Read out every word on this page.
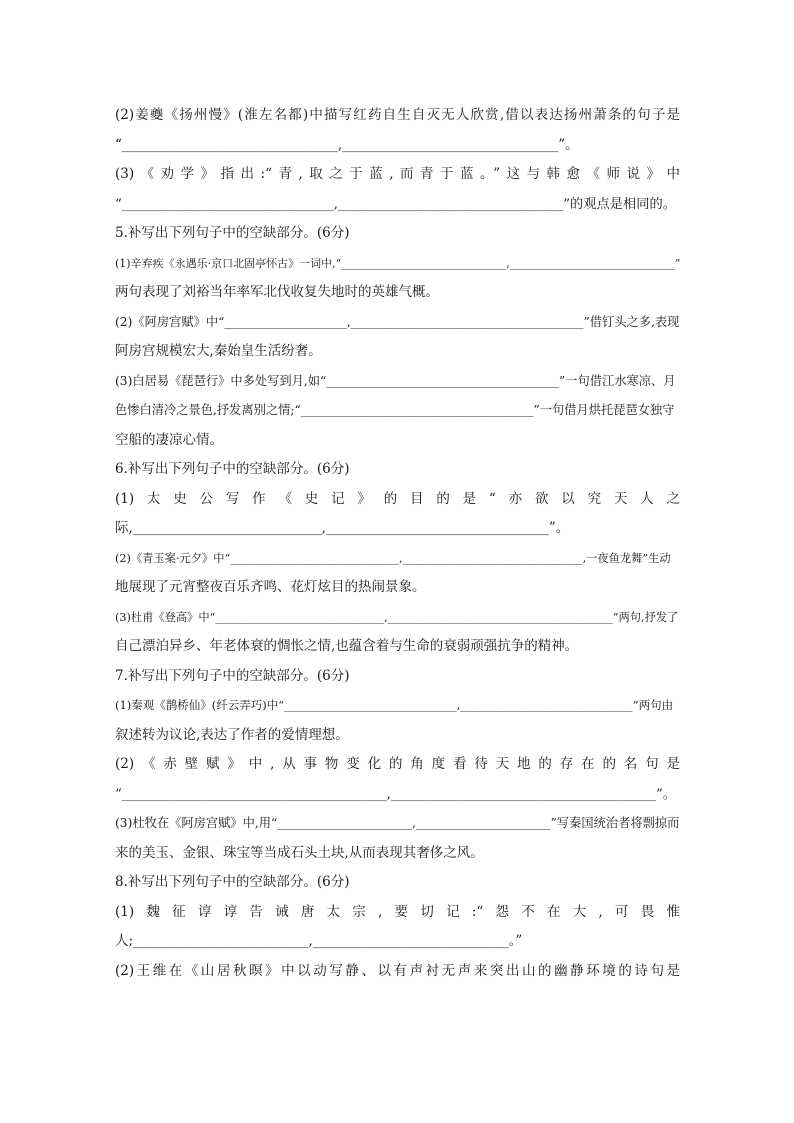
(2)姜夔《扬州慢》(淮左名都)中描写红药自生自灭无人欣赏,借以表达扬州萧条的句子是

“________________________________,________________________________”。

(3)《劝学》指出:“青,取之于蓝,而青于蓝。”这与韩愈《师说》中

“________________________________,__________________________________”的观点是相同的。

5.补写出下列句子中的空缺部分。(6分)

(1)辛弃疾《永遇乐·京口北固亭怀古》一词中,“______________________________,______________________________”

两句表现了刘裕当年率军北伐收复失地时的英雄气概。

(2)《阿房宫赋》中“____________________,______________________________________”借钉头之多,表现

阿房宫规模宏大,秦始皇生活纷奢。

(3)白居易《琵琶行》中多处写到月,如“______________________________________”一句借江水寒凉、月

色惨白清冷之景色,抒发离别之情;“______________________________________”一句借月烘托琵琶女独守

空船的凄凉心情。

6.补写出下列句子中的空缺部分。(6分)

(1)太史公写作《史记》的目的是“亦欲以究天人之

际,____________________________,_________________________________”。

(2)《青玉案·元夕》中“______________________________,________________________________,一夜鱼龙舞”生动

地展现了元宵整夜百乐齐鸣、花灯炫目的热闹景象。

(3)杜甫《登高》中“______________________________,________________________________________”两句,抒发了

自己漂泊异乡、年老体衰的惆怅之情,也蕴含着与生命的衰弱顽强抗争的精神。

7.补写出下列句子中的空缺部分。(6分)

(1)秦观《鹊桥仙》(纤云弄巧)中“______________________________,______________________________”两句由

叙述转为议论,表达了作者的爱情理想。

(2)《赤壁赋》中,从事物变化的角度看待天地的存在的名句是

“________________________________________,________________________________________”。

(3)杜牧在《阿房宫赋》中,用“______________________,______________________”写秦国统治者将剽掠而

来的美玉、金银、珠宝等当成石头土块,从而表现其奢侈之风。

8.补写出下列句子中的空缺部分。(6分)

(1)魏征谆谆告诫唐太宗,要切记:“怨不在大,可畏惟

人;__________________________,_____________________________。”

(2)王维在《山居秋暝》中以动写静、以有声衬无声来突出山的幽静环境的诗句是
